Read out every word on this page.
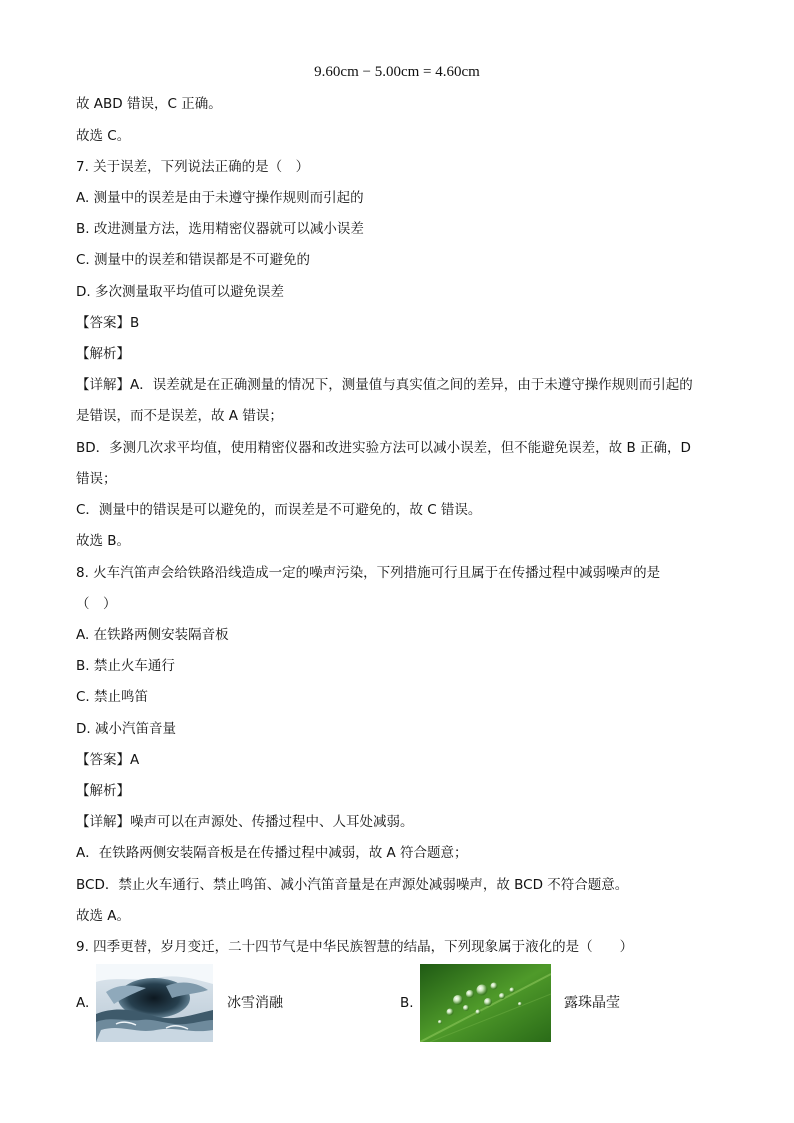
9.60cm − 5.00cm = 4.60cm
故 ABD 错误，C 正确。
故选 C。
7. 关于误差，下列说法正确的是（　）
A. 测量中的误差是由于未遵守操作规则而引起的
B. 改进测量方法，选用精密仪器就可以减小误差
C. 测量中的误差和错误都是不可避免的
D. 多次测量取平均值可以避免误差
【答案】B
【解析】
【详解】A．误差就是在正确测量的情况下，测量值与真实值之间的差异，由于未遵守操作规则而引起的
是错误，而不是误差，故 A 错误；
BD．多测几次求平均值，使用精密仪器和改进实验方法可以减小误差，但不能避免误差，故 B 正确，D
错误；
C．测量中的错误是可以避免的，而误差是不可避免的，故 C 错误。
故选 B。
8. 火车汽笛声会给铁路沿线造成一定的噪声污染，下列措施可行且属于在传播过程中减弱噪声的是
（　）
A. 在铁路两侧安装隔音板
B. 禁止火车通行
C. 禁止鸣笛
D. 减小汽笛音量
【答案】A
【解析】
【详解】噪声可以在声源处、传播过程中、人耳处减弱。
A．在铁路两侧安装隔音板是在传播过程中减弱，故 A 符合题意；
BCD．禁止火车通行、禁止鸣笛、减小汽笛音量是在声源处减弱噪声，故 BCD 不符合题意。
故选 A。
9. 四季更替，岁月变迁，二十四节气是中华民族智慧的结晶，下列现象属于液化的是（　　）
A.	冰雪消融	B.	露珠晶莹
